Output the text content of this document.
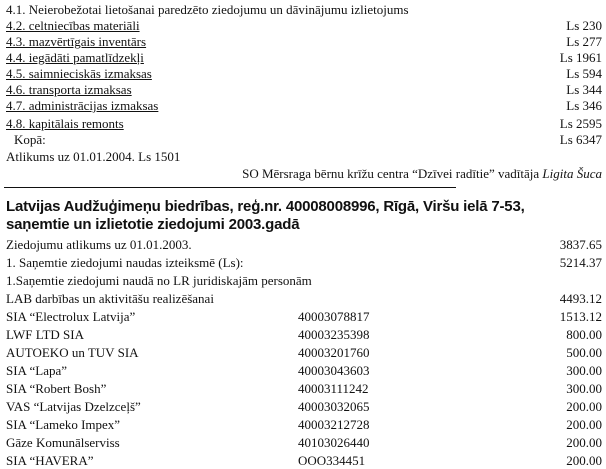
4.1. Neierobežotai lietošanai paredzēto ziedojumu un dāvinājumu izlietojums
4.2. celtniecības materiāli	Ls 230
4.3. mazvērtīgais inventārs	Ls 277
4.4. iegādāti pamatlīdzekļi	Ls 1961
4.5. saimnieciskās izmaksas	Ls 594
4.6. transporta izmaksas	Ls 344
4.7. administrācijas izmaksas	Ls 346
4.8. kapitālais remonts	Ls 2595
Kopā:	Ls 6347
Atlikums uz 01.01.2004. Ls 1501
SO Mērsraga bērnu krīžu centra “Dzīvei radītie” vadītāja Ligita Šuca
Latvijas Audžuģimeņu biedrības, reģ.nr. 40008008996, Rīgā, Viršu ielā 7-53,
saņemtie un izlietotie ziedojumi 2003.gadā
Ziedojumu atlikums uz 01.01.2003.	3837.65
1. Saņemtie ziedojumi naudas izteiksmē (Ls):	5214.37
1.Saņemtie ziedojumi naudā no LR juridiskajām personām
LAB darbības un aktivitāšu realizēšanai	4493.12
SIA “Electrolux Latvija”	40003078817	1513.12
LWF LTD SIA	40003235398	800.00
AUTOEKO un TUV SIA	40003201760	500.00
SIA “Lapa”	40003043603	300.00
SIA “Robert Bosh”	40003111242	300.00
VAS “Latvijas Dzelzceļš”	40003032065	200.00
SIA “Lameko Impex”	40003212728	200.00
Gāze Komunālserviss	40103026440	200.00
SIA “HAVERA”	OOO334451	200.00
